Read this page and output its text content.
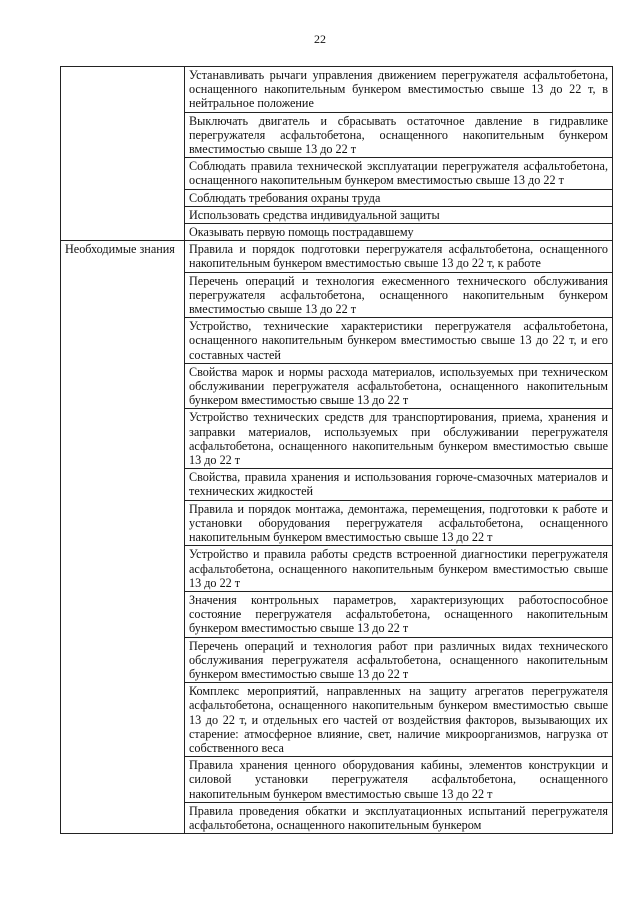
22
	Устанавливать рычаги управления движением перегружателя асфальтобетона, оснащенного накопительным бункером вместимостью свыше 13 до 22 т, в нейтральное положение
	Выключать двигатель и сбрасывать остаточное давление в гидравлике перегружателя асфальтобетона, оснащенного накопительным бункером вместимостью свыше 13 до 22 т
	Соблюдать правила технической эксплуатации перегружателя асфальтобетона, оснащенного накопительным бункером вместимостью свыше 13 до 22 т
	Соблюдать требования охраны труда
	Использовать средства индивидуальной защиты
	Оказывать первую помощь пострадавшему
Необходимые знания	Правила и порядок подготовки перегружателя асфальтобетона, оснащенного накопительным бункером вместимостью свыше 13 до 22 т, к работе
	Перечень операций и технология ежесменного технического обслуживания перегружателя асфальтобетона, оснащенного накопительным бункером вместимостью свыше 13 до 22 т
	Устройство, технические характеристики перегружателя асфальтобетона, оснащенного накопительным бункером вместимостью свыше 13 до 22 т, и его составных частей
	Свойства марок и нормы расхода материалов, используемых при техническом обслуживании перегружателя асфальтобетона, оснащенного накопительным бункером вместимостью свыше 13 до 22 т
	Устройство технических средств для транспортирования, приема, хранения и заправки материалов, используемых при обслуживании перегружателя асфальтобетона, оснащенного накопительным бункером вместимостью свыше 13 до 22 т
	Свойства, правила хранения и использования горюче-смазочных материалов и технических жидкостей
	Правила и порядок монтажа, демонтажа, перемещения, подготовки к работе и установки оборудования перегружателя асфальтобетона, оснащенного накопительным бункером вместимостью свыше 13 до 22 т
	Устройство и правила работы средств встроенной диагностики перегружателя асфальтобетона, оснащенного накопительным бункером вместимостью свыше 13 до 22 т
	Значения контрольных параметров, характеризующих работоспособное состояние перегружателя асфальтобетона, оснащенного накопительным бункером вместимостью свыше 13 до 22 т
	Перечень операций и технология работ при различных видах технического обслуживания перегружателя асфальтобетона, оснащенного накопительным бункером вместимостью свыше 13 до 22 т
	Комплекс мероприятий, направленных на защиту агрегатов перегружателя асфальтобетона, оснащенного накопительным бункером вместимостью свыше 13 до 22 т, и отдельных его частей от воздействия факторов, вызывающих их старение: атмосферное влияние, свет, наличие микроорганизмов, нагрузка от собственного веса
	Правила хранения ценного оборудования кабины, элементов конструкции и силовой установки перегружателя асфальтобетона, оснащенного накопительным бункером вместимостью свыше 13 до 22 т
	Правила проведения обкатки и эксплуатационных испытаний перегружателя асфальтобетона, оснащенного накопительным бункером
